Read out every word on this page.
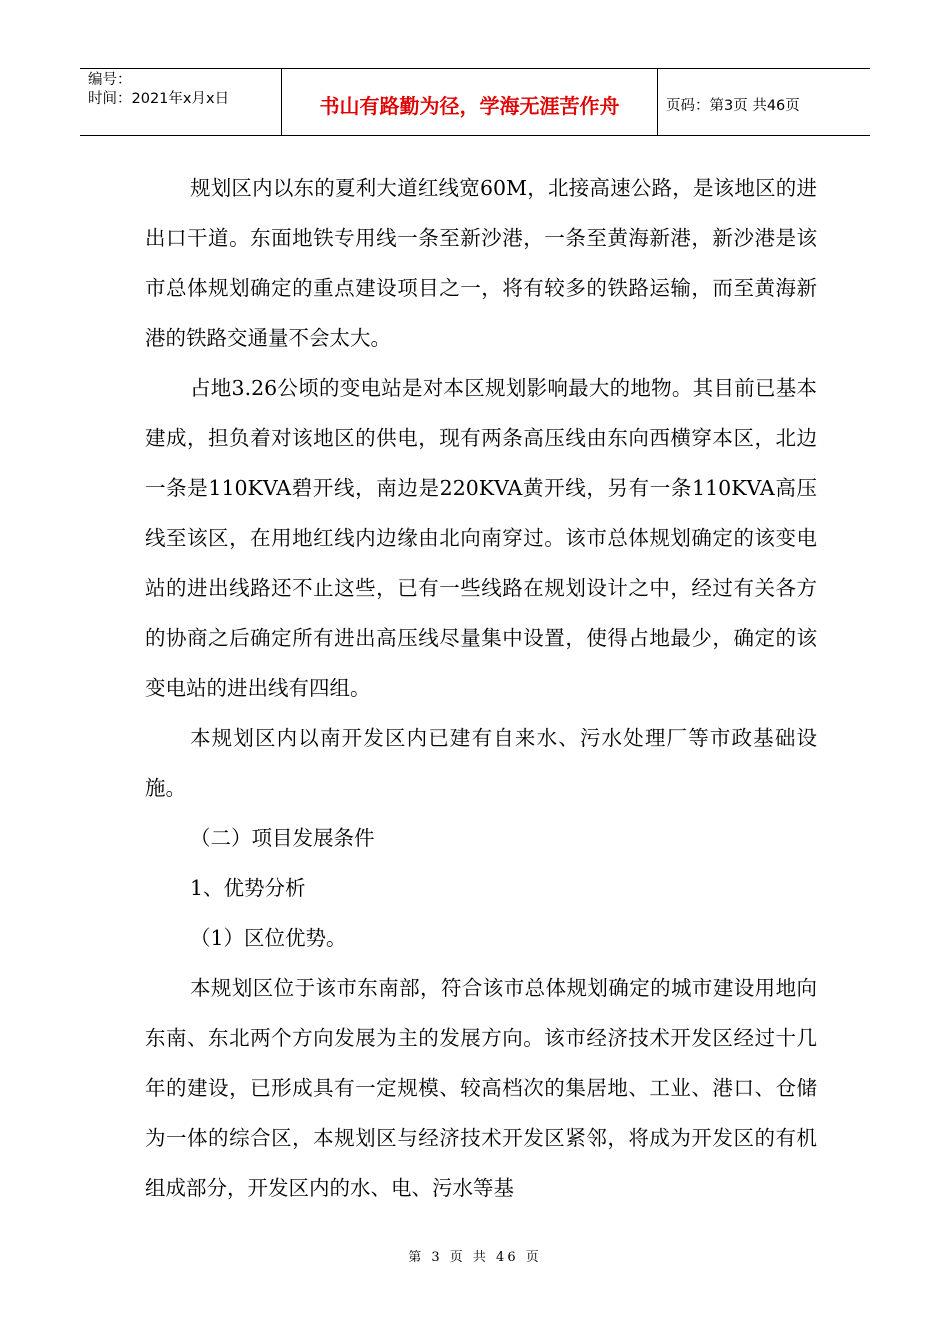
编号：
时间：2021年x月x日	书山有路勤为径，学海无涯苦作舟	页码：第3页 共46页

规划区内以东的夏利大道红线宽60M，北接高速公路，是该地区的进出口干道。东面地铁专用线一条至新沙港，一条至黄海新港，新沙港是该市总体规划确定的重点建设项目之一，将有较多的铁路运输，而至黄海新港的铁路交通量不会太大。

占地3.26公顷的变电站是对本区规划影响最大的地物。其目前已基本建成，担负着对该地区的供电，现有两条高压线由东向西横穿本区，北边一条是110KVA碧开线，南边是220KVA黄开线，另有一条110KVA高压线至该区，在用地红线内边缘由北向南穿过。该市总体规划确定的该变电站的进出线路还不止这些，已有一些线路在规划设计之中，经过有关各方的协商之后确定所有进出高压线尽量集中设置，使得占地最少，确定的该变电站的进出线有四组。

本规划区内以南开发区内已建有自来水、污水处理厂等市政基础设施。

（二）项目发展条件

1、优势分析

（1）区位优势。

本规划区位于该市东南部，符合该市总体规划确定的城市建设用地向东南、东北两个方向发展为主的发展方向。该市经济技术开发区经过十几年的建设，已形成具有一定规模、较高档次的集居地、工业、港口、仓储为一体的综合区，本规划区与经济技术开发区紧邻，将成为开发区的有机组成部分，开发区内的水、电、污水等基

第 3 页 共 46 页
